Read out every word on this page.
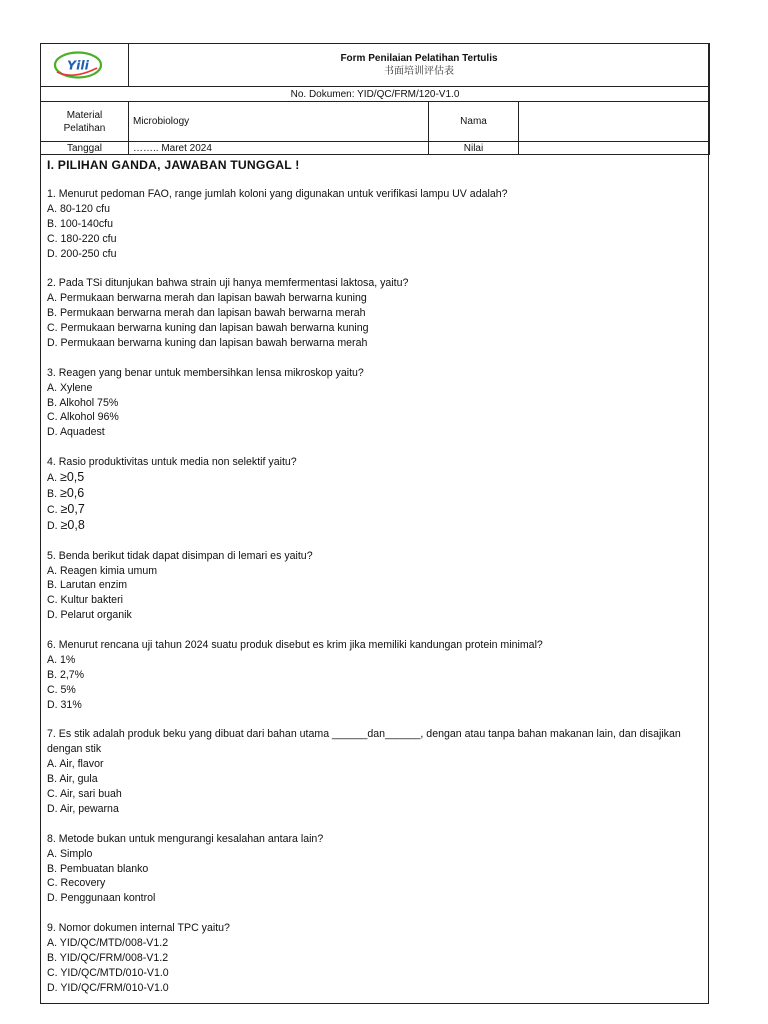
	Form Penilaian Pelatihan Tertulis
书面培训评估表		

No. Dokumen: YID/QC/FRM/120-V1.0			

Material
Pelatihan	Microbiology	Nama	
Tanggal	…….. Maret 2024	Nilai	
Yili
I. PILIHAN GANDA, JAWABAN TUNGGAL !
1. Menurut pedoman FAO, range jumlah koloni yang digunakan untuk verifikasi lampu UV adalah?
A. 80-120 cfu
B. 100-140cfu
C. 180-220 cfu
D. 200-250 cfu
2. Pada TSi ditunjukan bahwa strain uji hanya memfermentasi laktosa, yaitu?
A. Permukaan berwarna merah dan lapisan bawah berwarna kuning
B. Permukaan berwarna merah dan lapisan bawah berwarna merah
C. Permukaan berwarna kuning dan lapisan bawah berwarna kuning
D. Permukaan berwarna kuning dan lapisan bawah berwarna merah
3. Reagen yang benar untuk membersihkan lensa mikroskop yaitu?
A. Xylene
B. Alkohol 75%
C. Alkohol 96%
D. Aquadest
4. Rasio produktivitas untuk media non selektif yaitu?
A. ≥0,5
B. ≥0,6
C. ≥0,7
D. ≥0,8
5. Benda berikut tidak dapat disimpan di lemari es yaitu?
A. Reagen kimia umum
B. Larutan enzim
C. Kultur bakteri
D. Pelarut organik
6. Menurut rencana uji tahun 2024 suatu produk disebut es krim jika memiliki kandungan protein minimal?
A. 1%
B. 2,7%
C. 5%
D. 31%
7. Es stik adalah produk beku yang dibuat dari bahan utama ______dan______, dengan atau tanpa bahan makanan lain, dan disajikan dengan stik
A. Air, flavor
B. Air, gula
C. Air, sari buah
D. Air, pewarna
8. Metode bukan untuk mengurangi kesalahan antara lain?
A. Simplo
B. Pembuatan blanko
C. Recovery
D. Penggunaan kontrol
9. Nomor dokumen internal TPC yaitu?
A. YID/QC/MTD/008-V1.2
B. YID/QC/FRM/008-V1.2
C. YID/QC/MTD/010-V1.0
D. YID/QC/FRM/010-V1.0
